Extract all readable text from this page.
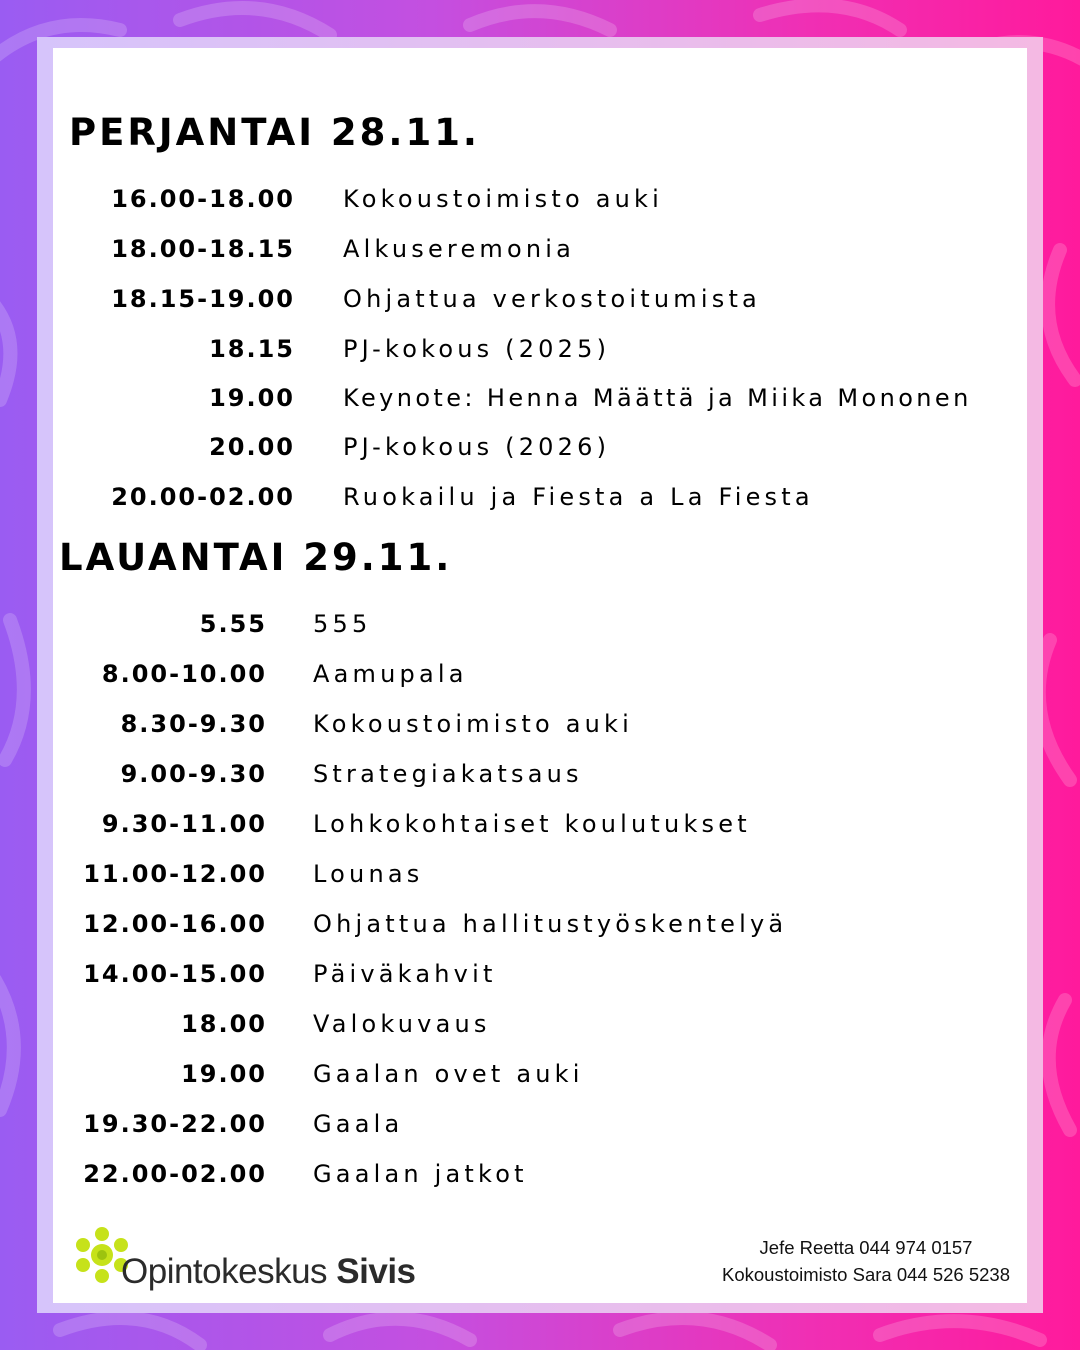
PERJANTAI 28.11.
16.00-18.00 Kokoustoimisto auki
18.00-18.15 Alkuseremonia
18.15-19.00 Ohjattua verkostoitumista
18.15 PJ-kokous (2025)
19.00 Keynote: Henna Määttä ja Miika Mononen
20.00 PJ-kokous (2026)
20.00-02.00 Ruokailu ja Fiesta a La Fiesta
LAUANTAI 29.11.
5.55 555
8.00-10.00 Aamupala
8.30-9.30 Kokoustoimisto auki
9.00-9.30 Strategiakatsaus
9.30-11.00 Lohkokohtaiset koulutukset
11.00-12.00 Lounas
12.00-16.00 Ohjattua hallitustyöskentelyä
14.00-15.00 Päiväkahvit
18.00 Valokuvaus
19.00 Gaalan ovet auki
19.30-22.00 Gaala
22.00-02.00 Gaalan jatkot
Opintokeskus Sivis
Jefe Reetta 044 974 0157
Kokoustoimisto Sara 044 526 5238
